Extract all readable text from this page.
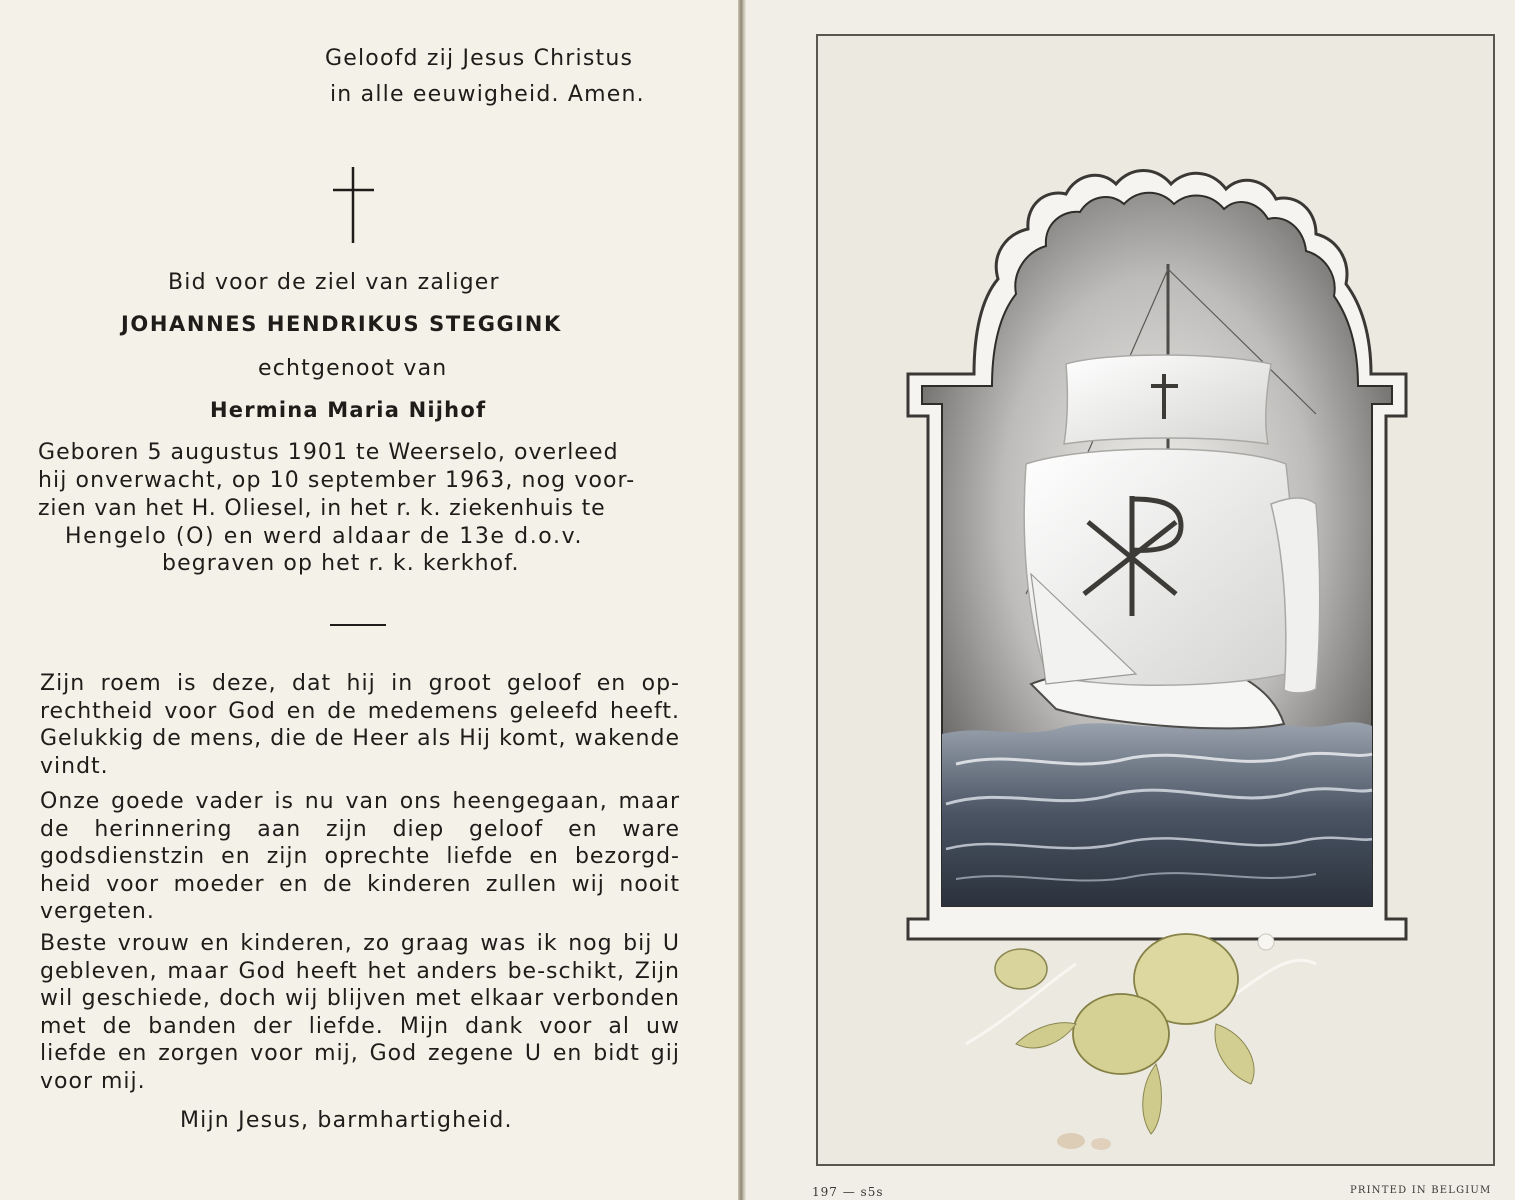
Geloofd zij Jesus Christus
in alle eeuwigheid. Amen.
Bid voor de ziel van zaliger
JOHANNES HENDRIKUS STEGGINK
echtgenoot van
Hermina Maria Nijhof
Geboren 5 augustus 1901 te Weerselo, overleed
hij onverwacht, op 10 september 1963, nog voor-
zien van het H. Oliesel, in het r. k. ziekenhuis te
Hengelo (O) en werd aldaar de 13e d.o.v.
begraven op het r. k. kerkhof.

Zijn roem is deze, dat hij in groot geloof en op-rechtheid voor God en de medemens geleefd heeft. Gelukkig de mens, die de Heer als Hij komt, wakende vindt.

Onze goede vader is nu van ons heengegaan, maar de herinnering aan zijn diep geloof en ware godsdienstzin en zijn oprechte liefde en bezorgd-heid voor moeder en de kinderen zullen wij nooit vergeten.

Beste vrouw en kinderen, zo graag was ik nog bij U gebleven, maar God heeft het anders be-schikt, Zijn wil geschiede, doch wij blijven met elkaar verbonden met de banden der liefde. Mijn dank voor al uw liefde en zorgen voor mij, God zegene U en bidt gij voor mij.

Mijn Jesus, barmhartigheid.
197 — s5s	PRINTED IN BELGIUM
